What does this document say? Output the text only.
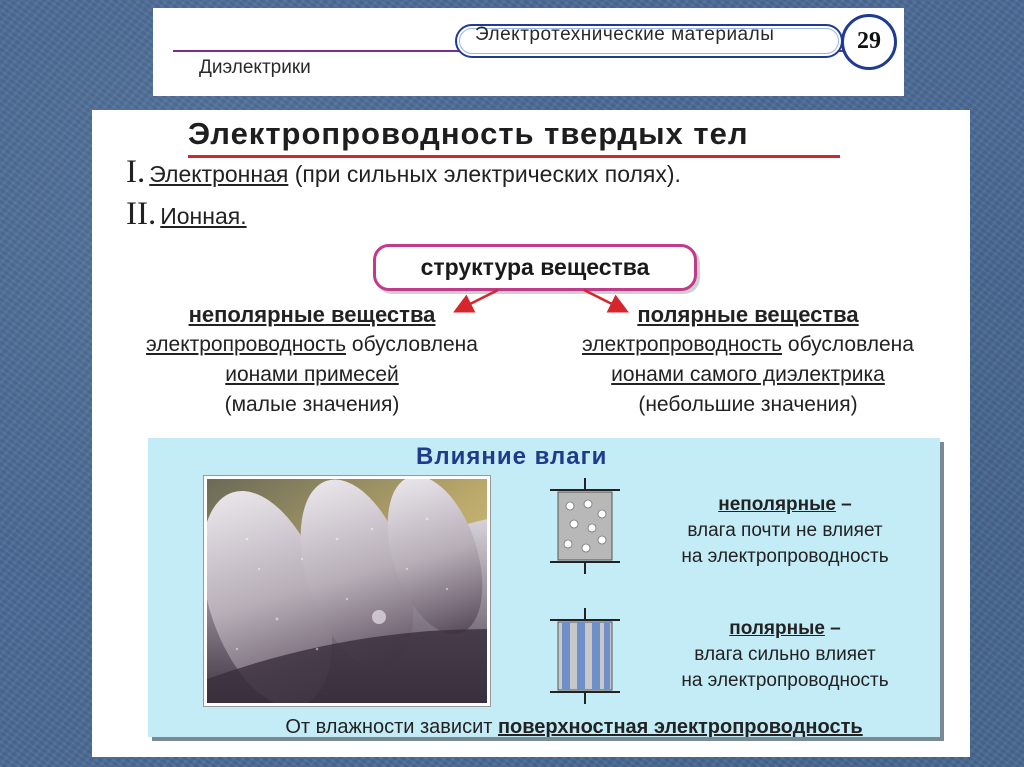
Электротехнические материалы
Диэлектрики
29
Электропроводность твердых тел
I. Электронная (при сильных электрических полях).
II. Ионная.
структура вещества
неполярные вещества
электропроводность обусловлена
ионами примесей
(малые значения)
полярные вещества
электропроводность обусловлена
ионами самого диэлектрика
(небольшие значения)
Влияние влаги
неполярные –
влага почти не влияет
на электропроводность
полярные –
влага сильно влияет
на электропроводность
От влажности зависит поверхностная электропроводность
